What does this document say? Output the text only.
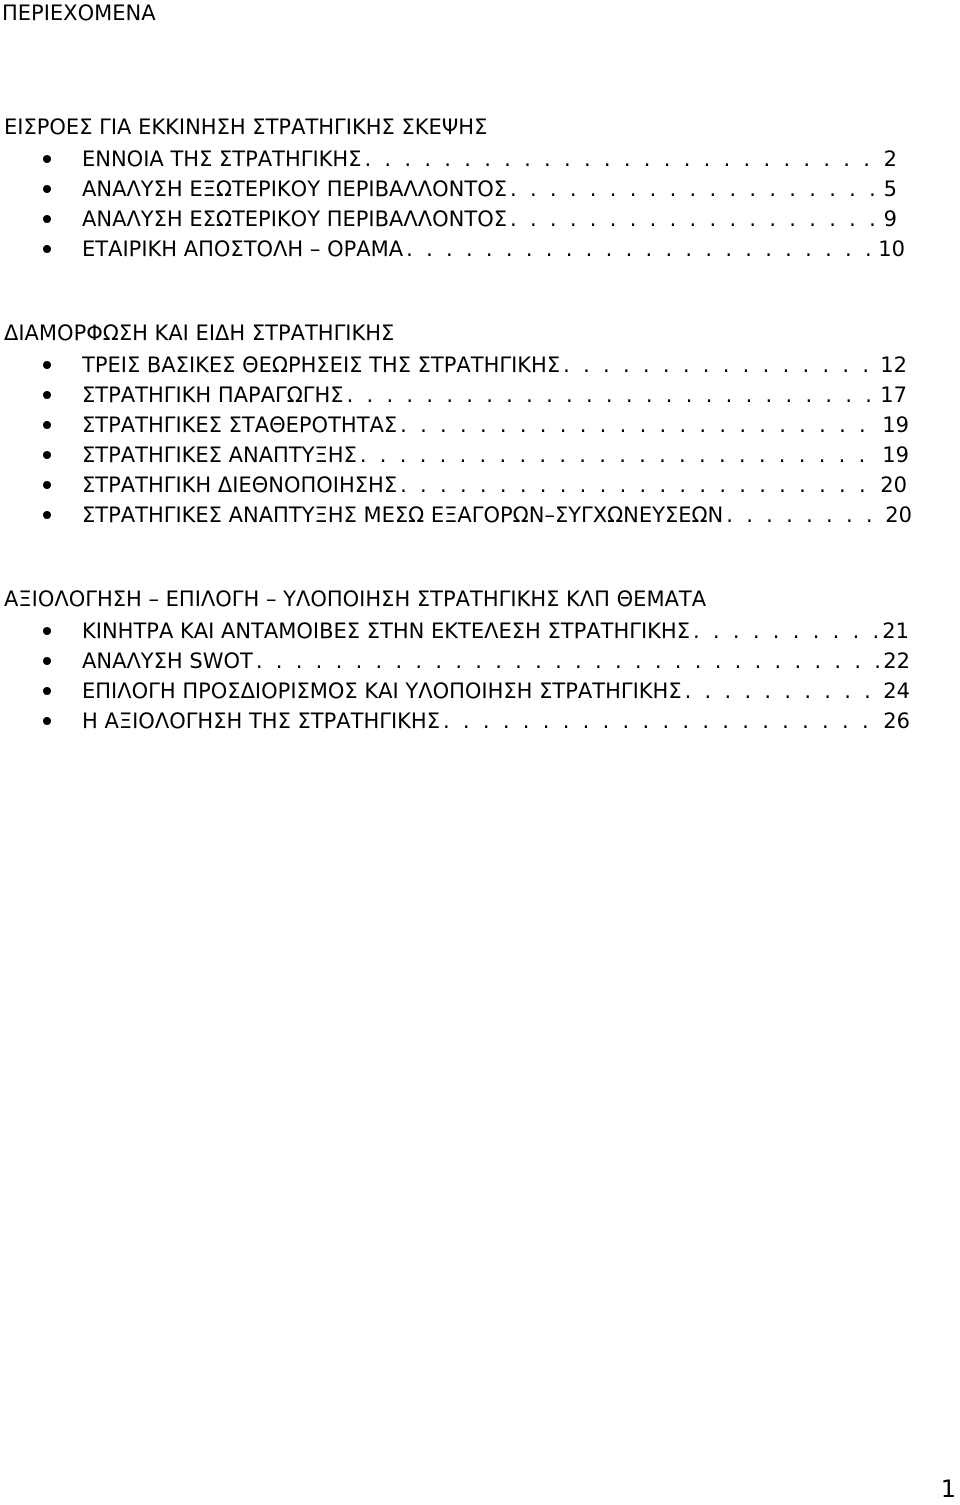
ΠΕΡΙΕΧΟΜΕΝΑ
ΕΙΣΡΟΕΣ ΓΙΑ ΕΚΚΙΝΗΣΗ ΣΤΡΑΤΗΓΙΚΗΣ ΣΚΕΨΗΣ
ΕΝΝΟΙΑ ΤΗΣ ΣΤΡΑΤΗΓΙΚΗΣ . . .	2
ΑΝΑΛΥΣΗ ΕΞΩΤΕΡΙΚΟΥ ΠΕΡΙΒΑΛΛΟΝΤΟΣ . . .	5
ΑΝΑΛΥΣΗ ΕΣΩΤΕΡΙΚΟΥ ΠΕΡΙΒΑΛΛΟΝΤΟΣ . . .	9
ΕΤΑΙΡΙΚΗ ΑΠΟΣΤΟΛΗ – ΟΡΑΜΑ . . .	10
ΔΙΑΜΟΡΦΩΣΗ ΚΑΙ ΕΙΔΗ ΣΤΡΑΤΗΓΙΚΗΣ
ΤΡΕΙΣ ΒΑΣΙΚΕΣ ΘΕΩΡΗΣΕΙΣ ΤΗΣ ΣΤΡΑΤΗΓΙΚΗΣ . . .	12
ΣΤΡΑΤΗΓΙΚΗ ΠΑΡΑΓΩΓΗΣ . . .	17
ΣΤΡΑΤΗΓΙΚΕΣ ΣΤΑΘΕΡΟΤΗΤΑΣ . . .	19
ΣΤΡΑΤΗΓΙΚΕΣ ΑΝΑΠΤΥΞΗΣ . . .	19
ΣΤΡΑΤΗΓΙΚΗ ΔΙΕΘΝΟΠΟΙΗΣΗΣ . . .	20
ΣΤΡΑΤΗΓΙΚΕΣ ΑΝΑΠΤΥΞΗΣ ΜΕΣΩ ΕΞΑΓΟΡΩΝ–ΣΥΓΧΩΝΕΥΣΕΩΝ . . .	20
ΑΞΙΟΛΟΓΗΣΗ – ΕΠΙΛΟΓΗ – ΥΛΟΠΟΙΗΣΗ ΣΤΡΑΤΗΓΙΚΗΣ ΚΛΠ ΘΕΜΑΤΑ
ΚΙΝΗΤΡΑ ΚΑΙ ΑΝΤΑΜΟΙΒΕΣ ΣΤΗΝ ΕΚΤΕΛΕΣΗ ΣΤΡΑΤΗΓΙΚΗΣ . . .	21
ΑΝΑΛΥΣΗ SWOT . . .	22
ΕΠΙΛΟΓΗ ΠΡΟΣΔΙΟΡΙΣΜΟΣ ΚΑΙ ΥΛΟΠΟΙΗΣΗ ΣΤΡΑΤΗΓΙΚΗΣ . . .	24
Η ΑΞΙΟΛΟΓΗΣΗ ΤΗΣ ΣΤΡΑΤΗΓΙΚΗΣ . . .	26
1
